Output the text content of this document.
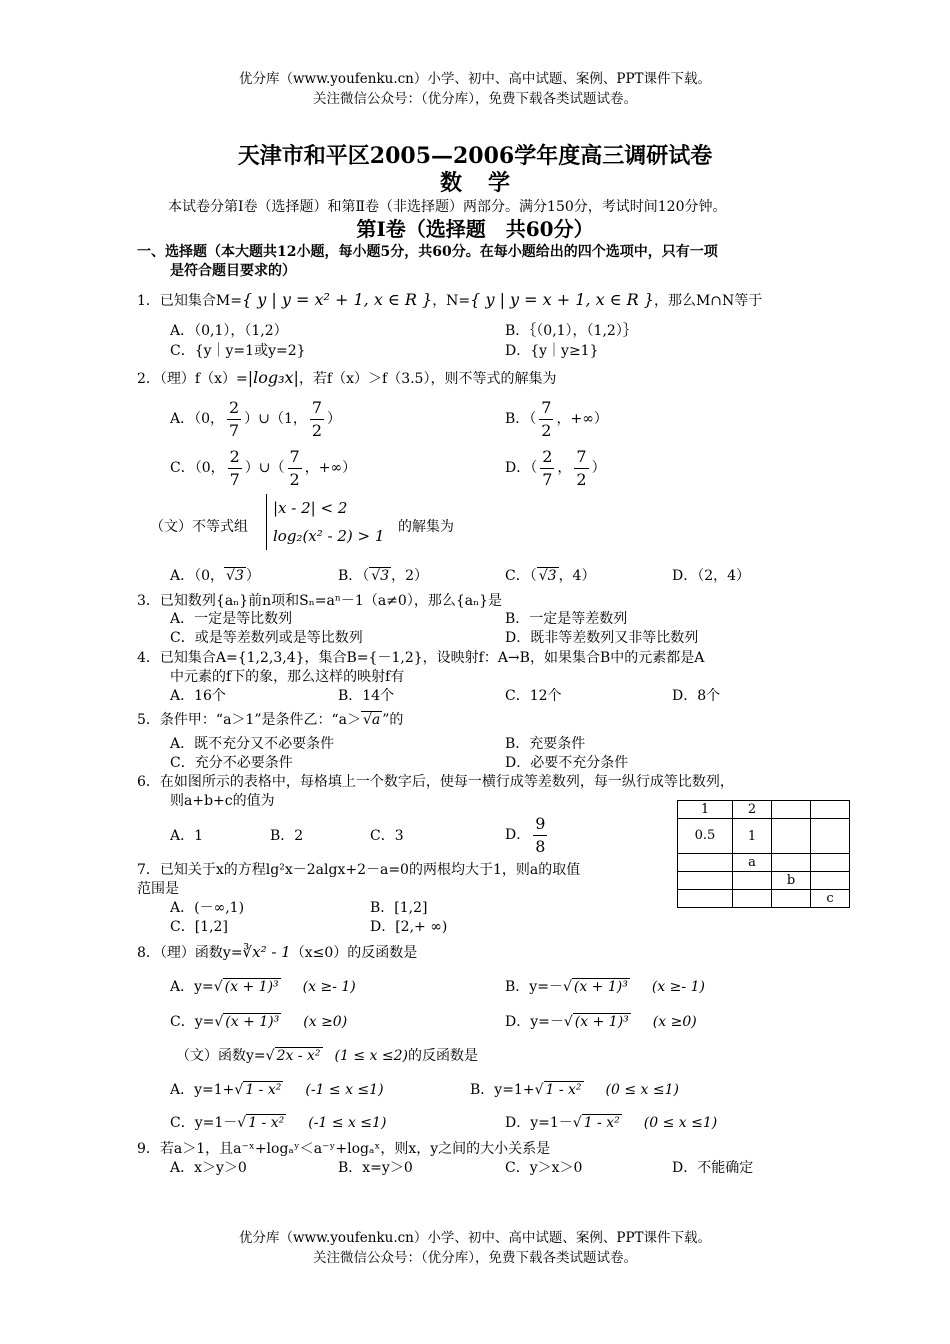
优分库（www.youfenku.cn）小学、初中、高中试题、案例、PPT课件下载。
关注微信公众号：（优分库），免费下载各类试题试卷。
天津市和平区2005—2006学年度高三调研试卷
数学
本试卷分第Ⅰ卷（选择题）和第Ⅱ卷（非选择题）两部分。满分150分，考试时间120分钟。
第Ⅰ卷（选择题　共60分）
一、选择题（本大题共12小题，每小题5分，共60分。在每小题给出的四个选项中，只有一项
是符合题目要求的）
1．已知集合M={ y | y = x² + 1, x ∈ R }，N={ y | y = x + 1, x ∈ R }，那么M∩N等于
A．（0,1），（1,2）	B．｛（0,1），（1,2）｝
C．{y｜y=1或y=2}	D．{y｜y≥1}
2．（理）f（x）=|log₃x|，若f（x）＞f（3.5），则不等式的解集为
A．（0， $\frac{2}{7}$ ）∪（1， $\frac{7}{2}$ ）	B．（ $\frac{7}{2}$ ，+∞）
C．（0， $\frac{2}{7}$ ）∪（ $\frac{7}{2}$ ，+∞）	D．（ $\frac{2}{7}$ ， $\frac{7}{2}$ ）
（文）不等式组
|x - 2| < 2
log₂(x² - 2) > 1 的解集为
A．（0， √3 ）	B．（ √3 ，2）	C．（ √3 ，4）	D．（2，4）
3．已知数列{aₙ}前n项和Sₙ=aⁿ－1（a≠0），那么{aₙ}是
A．一定是等比数列	B．一定是等差数列
C．或是等差数列或是等比数列	D．既非等差数列又非等比数列
4．已知集合A={1,2,3,4}，集合B={－1,2}，设映射f：A→B，如果集合B中的元素都是A
中元素的f下的象，那么这样的映射f有
A．16个	B．14个	C．12个	D．8个
5．条件甲：“a＞1”是条件乙：“a＞ √a ”的
A．既不充分又不必要条件	B．充要条件
C．充分不必要条件	D．必要不充分条件
6．在如图所示的表格中，每格填上一个数字后，使每一横行成等差数列，每一纵行成等比数列，
则a+b+c的值为
A．1	B．2	C．3	D． $\frac{9}{8}$
1	2		
0.5	1		
	a		
		b	
			c
7．已知关于x的方程lg²x－2algx+2－a=0的两根均大于1，则a的取值
范围是
A．(－∞,1)	B．[1,2]
C．[1,2]	D．[2,+ ∞)
8．（理）函数y=∛x² - 1（x≤0）的反函数是
A．y=√ (x + 1)³ (x ≥- 1)	B．y=－√ (x + 1)³ (x ≥- 1)
C．y=√ (x + 1)³ (x ≥0)	D．y=－√ (x + 1)³ (x ≥0)
（文）函数y=√ 2x - x² (1 ≤ x ≤2)的反函数是
A．y=1+√ 1 - x² (-1 ≤ x ≤1)	B．y=1+√ 1 - x² (0 ≤ x ≤1)
C．y=1－√ 1 - x² (-1 ≤ x ≤1)	D．y=1－√ 1 - x² (0 ≤ x ≤1)
9．若a＞1，且a⁻ˣ+logₐʸ＜a⁻ʸ+logₐˣ，则x，y之间的大小关系是
A．x＞y＞0	B．x=y＞0	C．y＞x＞0	D．不能确定
优分库（www.youfenku.cn）小学、初中、高中试题、案例、PPT课件下载。
关注微信公众号：（优分库），免费下载各类试题试卷。
